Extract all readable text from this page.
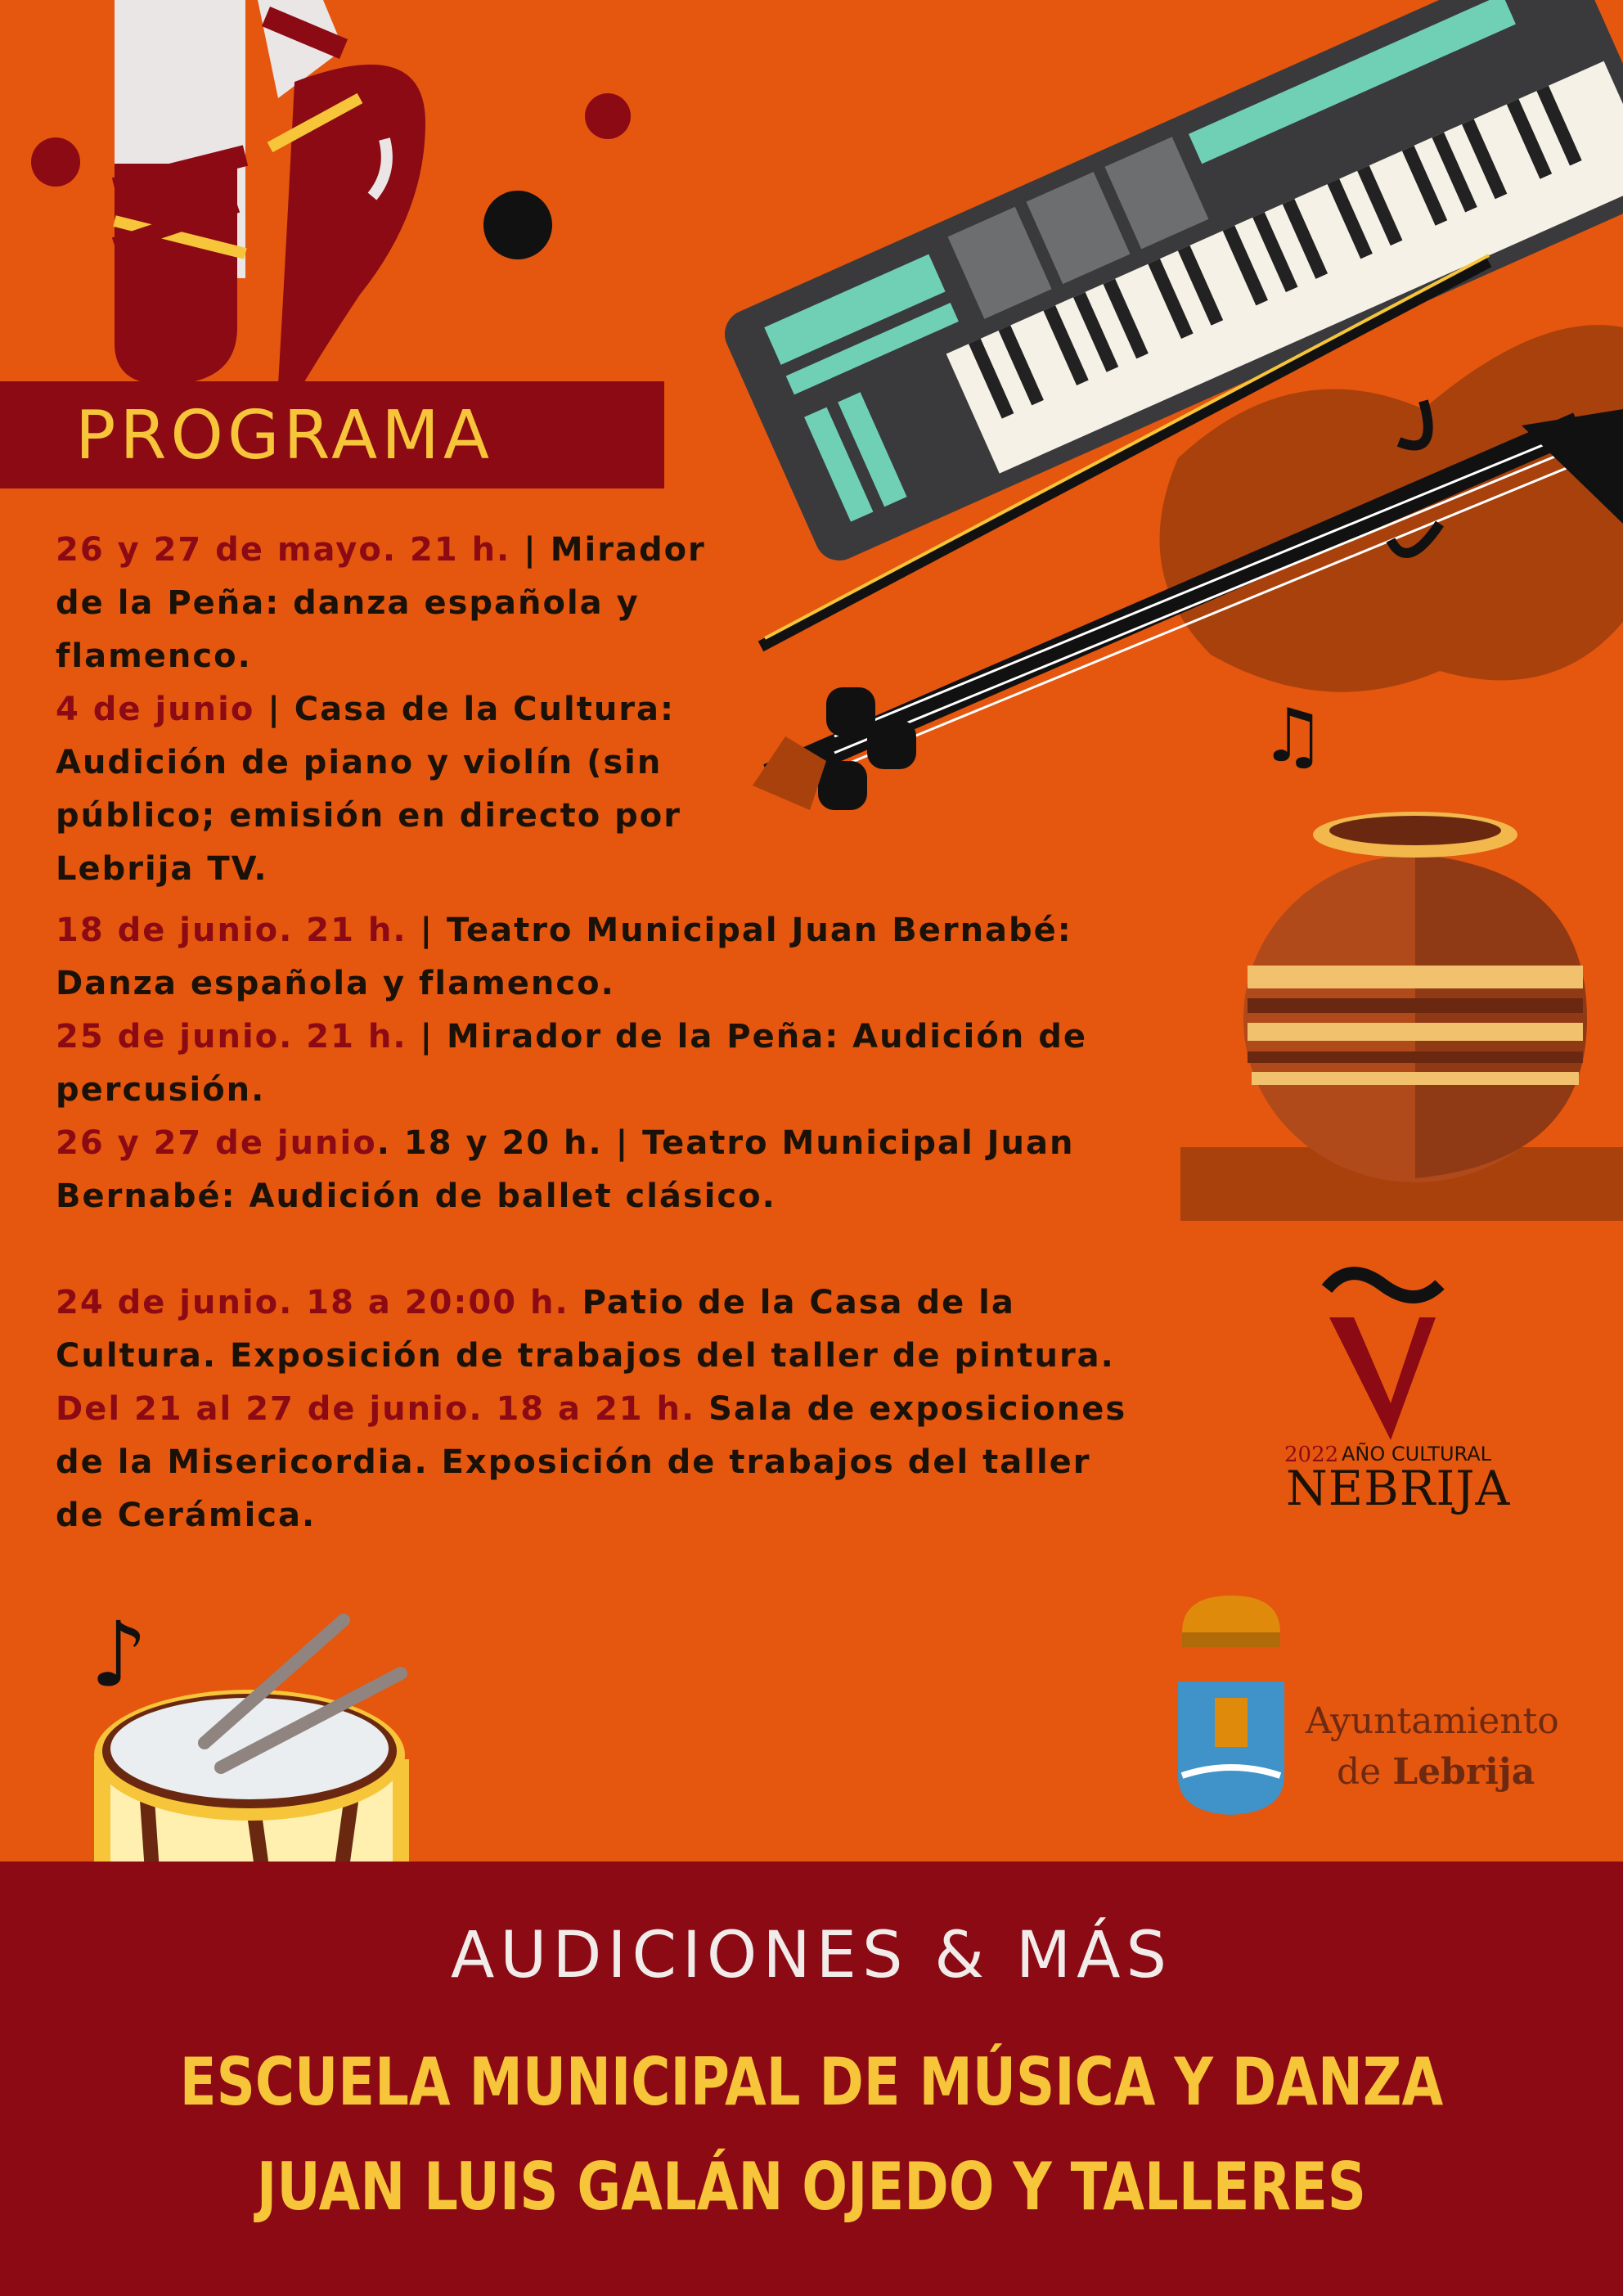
♫
♪
PROGRAMA
26 y 27 de mayo. 21 h. | Mirador
de la Peña: danza española y
flamenco.
4 de junio | Casa de la Cultura:
Audición de piano y violín (sin
público; emisión en directo por
Lebrija TV.
18 de junio. 21 h. | Teatro Municipal Juan Bernabé:
Danza española y flamenco.
25 de junio. 21 h. | Mirador de la Peña: Audición de
percusión.
26 y 27 de junio. 18 y 20 h. | Teatro Municipal Juan
Bernabé: Audición de ballet clásico.
24 de junio. 18 a 20:00 h. Patio de la Casa de la
Cultura. Exposición de trabajos del taller de pintura.
Del 21 al 27 de junio. 18 a 21 h. Sala de exposiciones
de la Misericordia. Exposición de trabajos del taller
de Cerámica.
2022 AÑO CULTURAL
NEBRIJA
Ayuntamiento
de Lebrija
AUDICIONES & MÁS
ESCUELA MUNICIPAL DE MÚSICA Y DANZA
JUAN LUIS GALÁN OJEDO Y TALLERES
